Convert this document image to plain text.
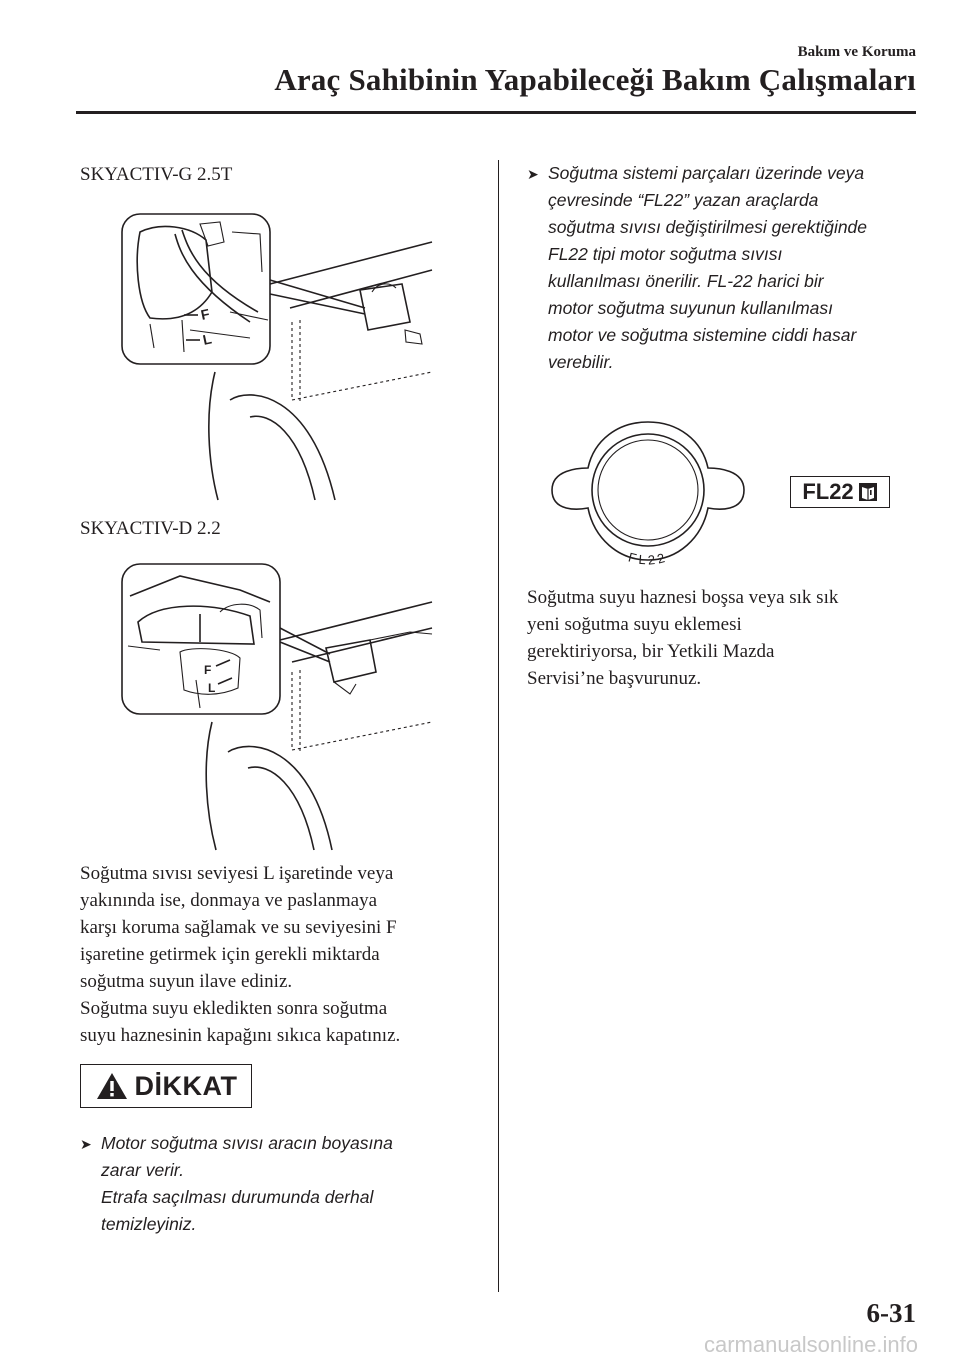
Bakım ve Koruma
Araç Sahibinin Yapabileceği Bakım Çalışmaları
SKYACTIV-G 2.5T
F
L
SKYACTIV-D 2.2
F
L
Soğutma sıvısı seviyesi L işaretinde veya
yakınında ise, donmaya ve paslanmaya
karşı koruma sağlamak ve su seviyesini F
işaretine getirmek için gerekli miktarda
soğutma suyun ilave ediniz.
Soğutma suyu ekledikten sonra soğutma
suyu haznesinin kapağını sıkıca kapatınız.
DİKKAT
➤ Motor soğutma sıvısı aracın boyasına
zarar verir.
Etrafa saçılması durumunda derhal
temizleyiniz.
➤ Soğutma sistemi parçaları üzerinde veya
çevresinde “FL22” yazan araçlarda
soğutma sıvısı değiştirilmesi gerektiğinde
FL22 tipi motor soğutma sıvısı
kullanılması önerilir. FL-22 harici bir
motor soğutma suyunun kullanılması
motor ve soğutma sistemine ciddi hasar
verebilir.
FL22
FL22
Soğutma suyu haznesi boşsa veya sık sık
yeni soğutma suyu eklemesi
gerektiriyorsa, bir Yetkili Mazda
Servisi’ne başvurunuz.
6-31
carmanualsonline.info
